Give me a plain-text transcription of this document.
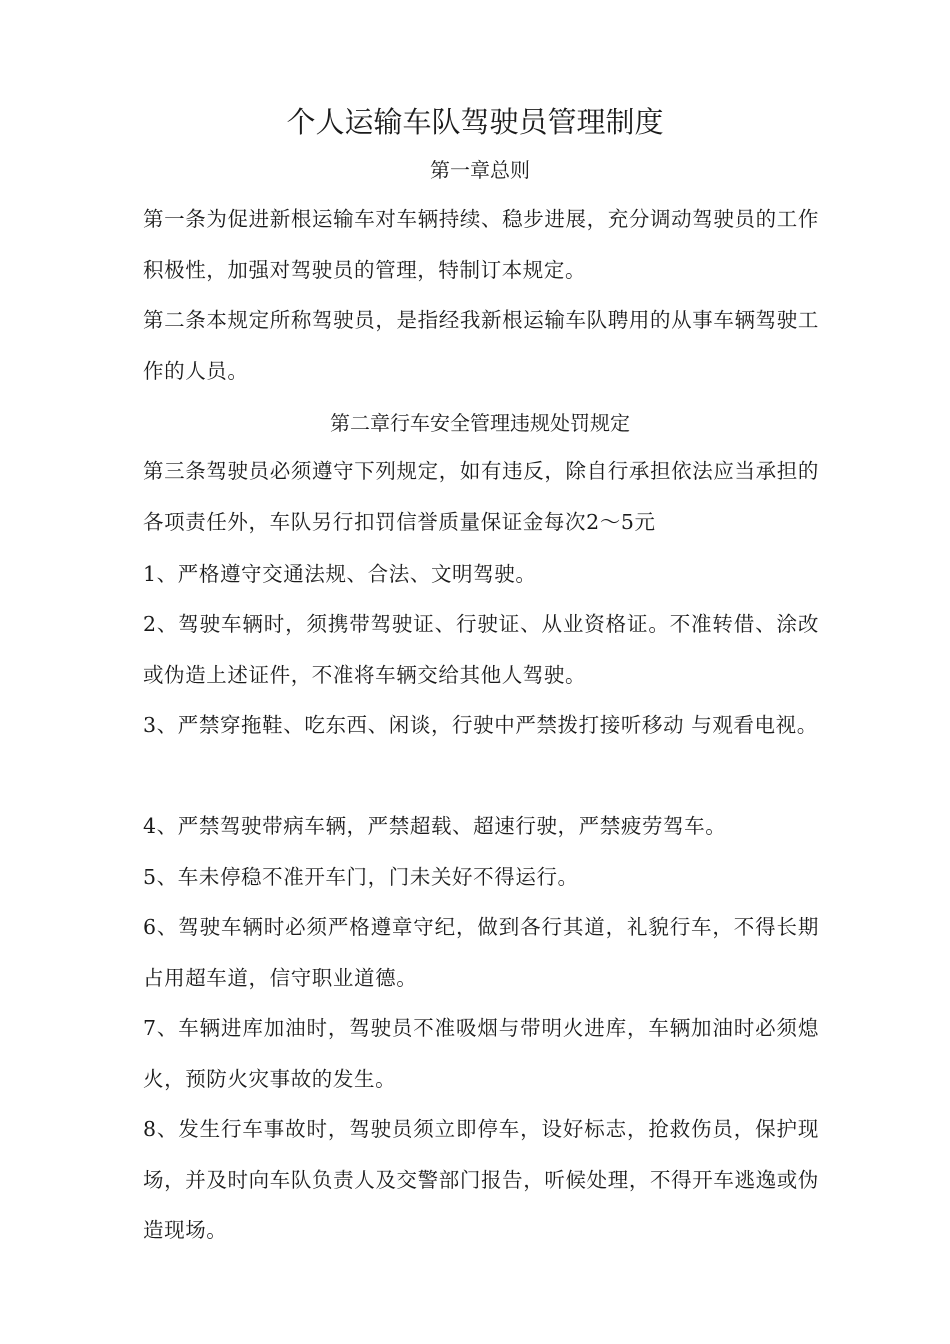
个人运输车队驾驶员管理制度
第一章总则

第一条为促进新根运输车对车辆持续、稳步进展，充分调动驾驶员的工作积极性，加强对驾驶员的管理，特制订本规定。

第二条本规定所称驾驶员，是指经我新根运输车队聘用的从事车辆驾驶工作的人员。

第二章行车安全管理违规处罚规定

第三条驾驶员必须遵守下列规定，如有违反，除自行承担依法应当承担的各项责任外，车队另行扣罚信誉质量保证金每次2〜5元

1、严格遵守交通法规、合法、文明驾驶。

2、驾驶车辆时，须携带驾驶证、行驶证、从业资格证。不准转借、涂改或伪造上述证件，不准将车辆交给其他人驾驶。

3、严禁穿拖鞋、吃东西、闲谈，行驶中严禁拨打接听移动 与观看电视。

4、严禁驾驶带病车辆，严禁超载、超速行驶，严禁疲劳驾车。

5、车未停稳不准开车门，门未关好不得运行。

6、驾驶车辆时必须严格遵章守纪，做到各行其道，礼貌行车，不得长期占用超车道，信守职业道德。

7、车辆进库加油时，驾驶员不准吸烟与带明火进库，车辆加油时必须熄火，预防火灾事故的发生。

8、发生行车事故时，驾驶员须立即停车，设好标志，抢救伤员，保护现场，并及时向车队负责人及交警部门报告，听候处理，不得开车逃逸或伪造现场。
